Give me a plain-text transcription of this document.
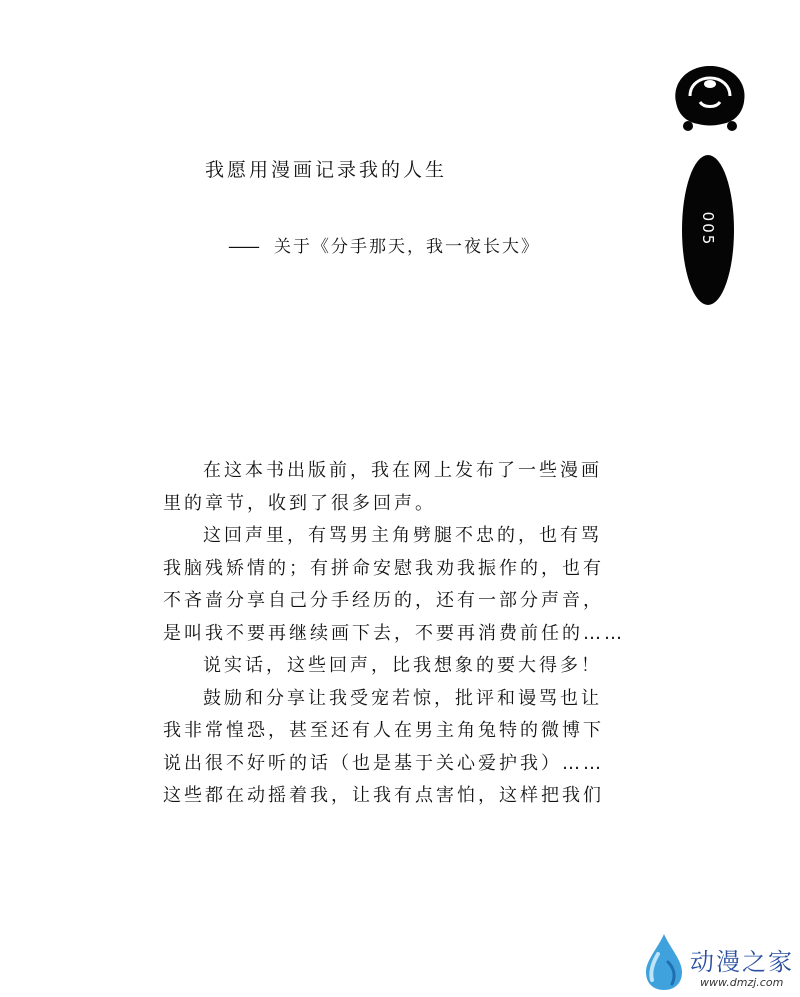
我愿用漫画记录我的人生
—— 关于《分手那天，我一夜长大》
在这本书出版前，我在网上发布了一些漫画
里的章节，收到了很多回声。
这回声里，有骂男主角劈腿不忠的，也有骂
我脑残矫情的；有拼命安慰我劝我振作的，也有
不吝啬分享自己分手经历的，还有一部分声音，
是叫我不要再继续画下去，不要再消费前任的……
说实话，这些回声，比我想象的要大得多！
鼓励和分享让我受宠若惊，批评和谩骂也让
我非常惶恐，甚至还有人在男主角兔特的微博下
说出很不好听的话（也是基于关心爱护我）……
这些都在动摇着我，让我有点害怕，这样把我们
005
动漫之家
www.dmzj.com
